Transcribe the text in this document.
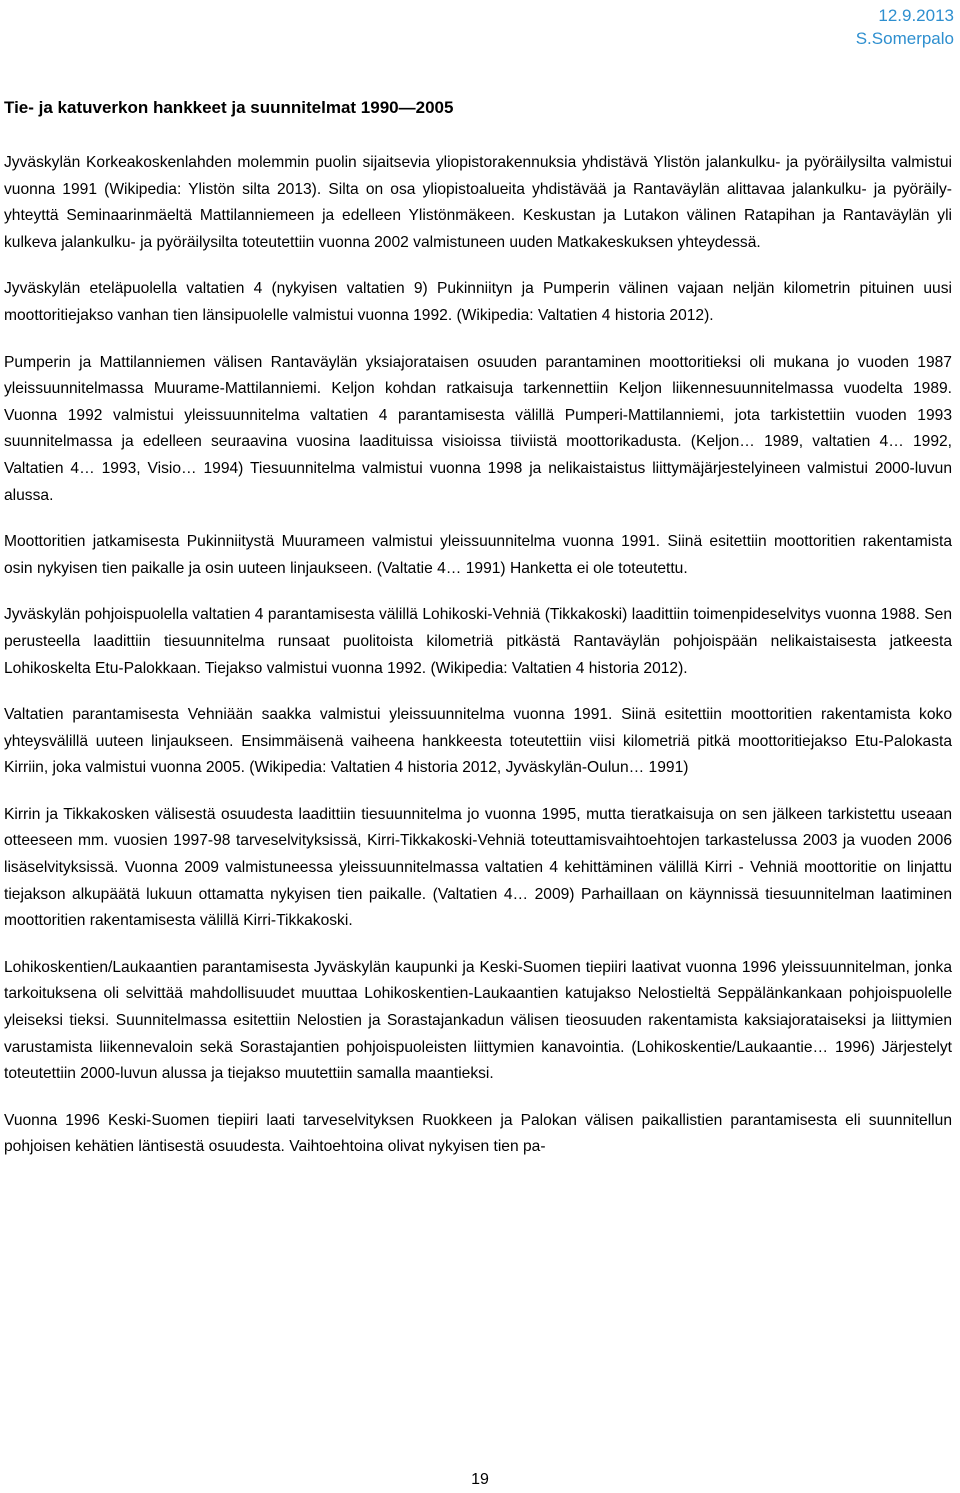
12.9.2013
S.Somerpalo
Tie- ja katuverkon hankkeet ja suunnitelmat 1990—2005

Jyväskylän Korkeakoskenlahden molemmin puolin sijaitsevia yliopistorakennuksia yhdistävä Ylistön jalankulku- ja pyöräilysilta valmistui vuonna 1991 (Wikipedia: Ylistön silta 2013). Silta on osa yliopistoalueita yhdistävää ja Rantaväylän alittavaa jalankulku- ja pyöräily-yhteyttä Seminaarinmäeltä Mattilanniemeen ja edelleen Ylistönmäkeen. Keskustan ja Lutakon välinen Ratapihan ja Rantaväylän yli kulkeva jalankulku- ja pyöräilysilta toteutettiin vuonna 2002 valmistuneen uuden Matkakeskuksen yhteydessä.

Jyväskylän eteläpuolella valtatien 4 (nykyisen valtatien 9) Pukinniityn ja Pumperin välinen vajaan neljän kilometrin pituinen uusi moottoritiejakso vanhan tien länsipuolelle valmistui vuonna 1992. (Wikipedia: Valtatien 4 historia 2012).

Pumperin ja Mattilanniemen välisen Rantaväylän yksiajorataisen osuuden parantaminen moottoritieksi oli mukana jo vuoden 1987 yleissuunnitelmassa Muurame-Mattilanniemi. Keljon kohdan ratkaisuja tarkennettiin Keljon liikennesuunnitelmassa vuodelta 1989. Vuonna 1992 valmistui yleissuunnitelma valtatien 4 parantamisesta välillä Pumperi-Mattilanniemi, jota tarkistettiin vuoden 1993 suunnitelmassa ja edelleen seuraavina vuosina laadituissa visioissa tiiviistä moottorikadusta. (Keljon… 1989, valtatien 4… 1992, Valtatien 4… 1993, Visio… 1994) Tiesuunnitelma valmistui vuonna 1998 ja nelikaistaistus liittymäjärjestelyineen valmistui 2000-luvun alussa.

Moottoritien jatkamisesta Pukinniitystä Muurameen valmistui yleissuunnitelma vuonna 1991. Siinä esitettiin moottoritien rakentamista osin nykyisen tien paikalle ja osin uuteen linjaukseen. (Valtatie 4… 1991) Hanketta ei ole toteutettu.

Jyväskylän pohjoispuolella valtatien 4 parantamisesta välillä Lohikoski-Vehniä (Tikkakoski) laadittiin toimenpideselvitys vuonna 1988. Sen perusteella laadittiin tiesuunnitelma runsaat puolitoista kilometriä pitkästä Rantaväylän pohjoispään nelikaistaisesta jatkeesta Lohikoskelta Etu-Palokkaan. Tiejakso valmistui vuonna 1992. (Wikipedia: Valtatien 4 historia 2012).

Valtatien parantamisesta Vehniään saakka valmistui yleissuunnitelma vuonna 1991. Siinä esitettiin moottoritien rakentamista koko yhteysvälillä uuteen linjaukseen. Ensimmäisenä vaiheena hankkeesta toteutettiin viisi kilometriä pitkä moottoritiejakso Etu-Palokasta Kirriin, joka valmistui vuonna 2005. (Wikipedia: Valtatien 4 historia 2012, Jyväskylän-Oulun… 1991)

Kirrin ja Tikkakosken välisestä osuudesta laadittiin tiesuunnitelma jo vuonna 1995, mutta tieratkaisuja on sen jälkeen tarkistettu useaan otteeseen mm. vuosien 1997-98 tarveselvityksissä, Kirri-Tikkakoski-Vehniä toteuttamisvaihtoehtojen tarkastelussa 2003 ja vuoden 2006 lisäselvityksissä. Vuonna 2009 valmistuneessa yleissuunnitelmassa valtatien 4 kehittäminen välillä Kirri - Vehniä moottoritie on linjattu tiejakson alkupäätä lukuun ottamatta nykyisen tien paikalle. (Valtatien 4… 2009) Parhaillaan on käynnissä tiesuunnitelman laatiminen moottoritien rakentamisesta välillä Kirri-Tikkakoski.

Lohikoskentien/Laukaantien parantamisesta Jyväskylän kaupunki ja Keski-Suomen tiepiiri laativat vuonna 1996 yleissuunnitelman, jonka tarkoituksena oli selvittää mahdollisuudet muuttaa Lohikoskentien-Laukaantien katujakso Nelostieltä Seppälänkankaan pohjoispuolelle yleiseksi tieksi. Suunnitelmassa esitettiin Nelostien ja Sorastajankadun välisen tieosuuden rakentamista kaksiajorataiseksi ja liittymien varustamista liikennevaloin sekä Sorastajantien pohjoispuoleisten liittymien kanavointia. (Lohikoskentie/Laukaantie… 1996) Järjestelyt toteutettiin 2000-luvun alussa ja tiejakso muutettiin samalla maantieksi.

Vuonna 1996 Keski-Suomen tiepiiri laati tarveselvityksen Ruokkeen ja Palokan välisen paikallistien parantamisesta eli suunnitellun pohjoisen kehätien läntisestä osuudesta. Vaihtoehtoina olivat nykyisen tien pa-

19
